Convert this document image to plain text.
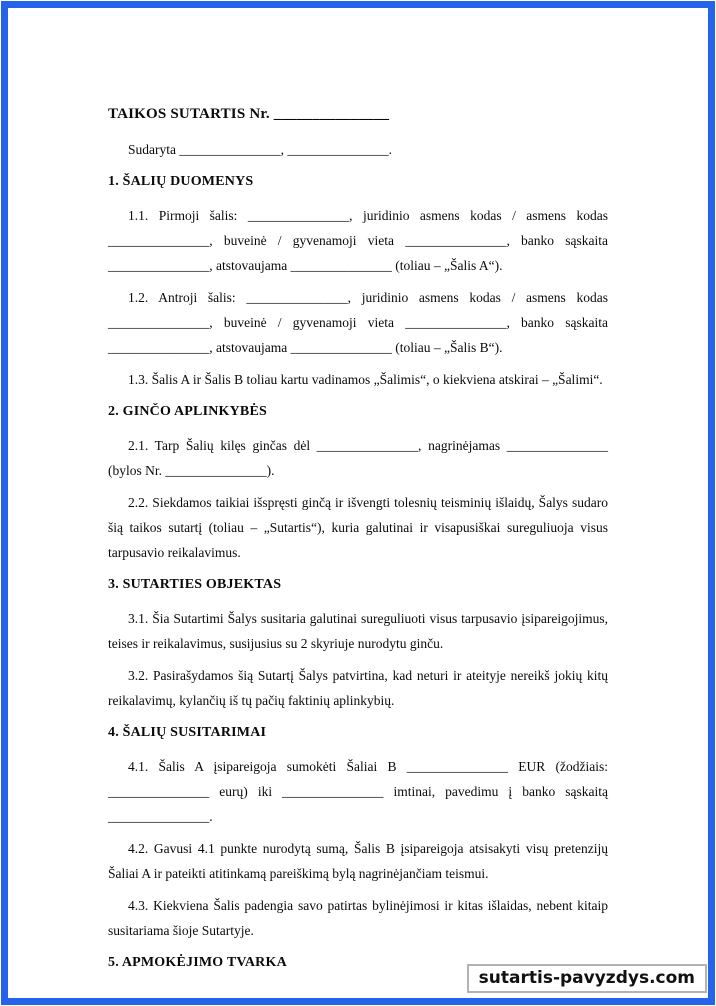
TAIKOS SUTARTIS Nr. _______________

Sudaryta _______________, _______________.

1. ŠALIŲ DUOMENYS

1.1. Pirmoji šalis: _______________, juridinio asmens kodas / asmens kodas _______________, buveinė / gyvenamoji vieta _______________, banko sąskaita _______________, atstovaujama _______________ (toliau – „Šalis A“).

1.2. Antroji šalis: _______________, juridinio asmens kodas / asmens kodas _______________, buveinė / gyvenamoji vieta _______________, banko sąskaita _______________, atstovaujama _______________ (toliau – „Šalis B“).

1.3. Šalis A ir Šalis B toliau kartu vadinamos „Šalimis“, o kiekviena atskirai – „Šalimi“.

2. GINČO APLINKYBĖS

2.1. Tarp Šalių kilęs ginčas dėl _______________, nagrinėjamas _______________ (bylos Nr. _______________).

2.2. Siekdamos taikiai išspręsti ginčą ir išvengti tolesnių teisminių išlaidų, Šalys sudaro šią taikos sutartį (toliau – „Sutartis“), kuria galutinai ir visapusiškai sureguliuoja visus tarpusavio reikalavimus.

3. SUTARTIES OBJEKTAS

3.1. Šia Sutartimi Šalys susitaria galutinai sureguliuoti visus tarpusavio įsipareigojimus, teises ir reikalavimus, susijusius su 2 skyriuje nurodytu ginču.

3.2. Pasirašydamos šią Sutartį Šalys patvirtina, kad neturi ir ateityje nereikš jokių kitų reikalavimų, kylančių iš tų pačių faktinių aplinkybių.

4. ŠALIŲ SUSITARIMAI

4.1. Šalis A įsipareigoja sumokėti Šaliai B _______________ EUR (žodžiais: _______________ eurų) iki _______________ imtinai, pavedimu į banko sąskaitą _______________.

4.2. Gavusi 4.1 punkte nurodytą sumą, Šalis B įsipareigoja atsisakyti visų pretenzijų Šaliai A ir pateikti atitinkamą pareiškimą bylą nagrinėjančiam teismui.

4.3. Kiekviena Šalis padengia savo patirtas bylinėjimosi ir kitas išlaidas, nebent kitaip susitariama šioje Sutartyje.

5. APMOKĖJIMO TVARKA
sutartis-pavyzdys.com
